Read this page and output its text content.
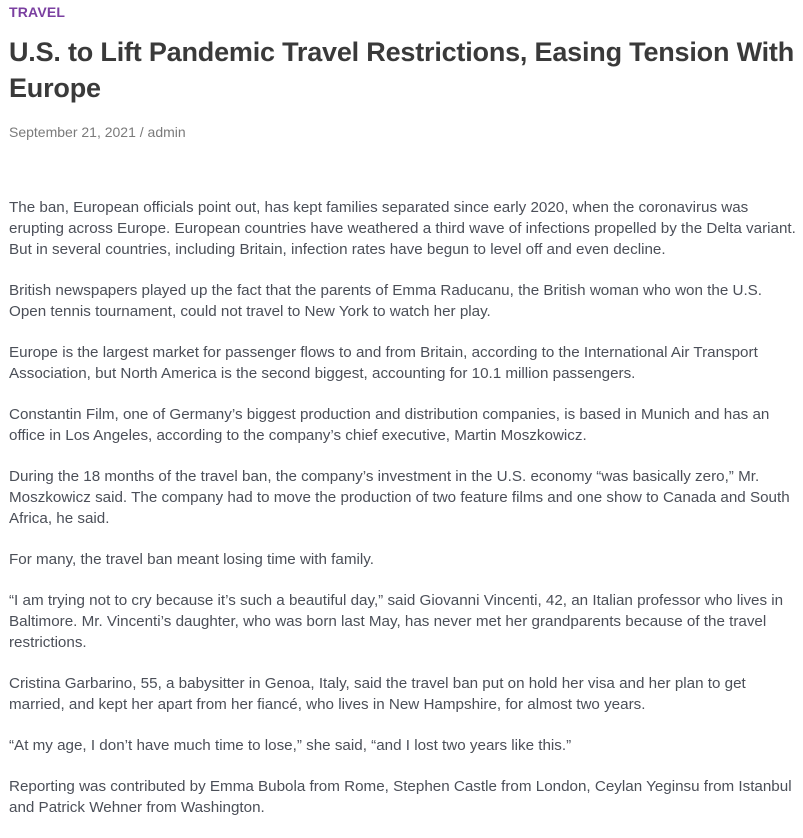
TRAVEL
U.S. to Lift Pandemic Travel Restrictions, Easing Tension With Europe
September 21, 2021 / admin

The ban, European officials point out, has kept families separated since early 2020, when the coronavirus was erupting across Europe. European countries have weathered a third wave of infections propelled by the Delta variant. But in several countries, including Britain, infection rates have begun to level off and even decline.

British newspapers played up the fact that the parents of Emma Raducanu, the British woman who won the U.S. Open tennis tournament, could not travel to New York to watch her play.

Europe is the largest market for passenger flows to and from Britain, according to the International Air Transport Association, but North America is the second biggest, accounting for 10.1 million passengers.

Constantin Film, one of Germany’s biggest production and distribution companies, is based in Munich and has an office in Los Angeles, according to the company’s chief executive, Martin Moszkowicz.

During the 18 months of the travel ban, the company’s investment in the U.S. economy “was basically zero,” Mr. Moszkowicz said. The company had to move the production of two feature films and one show to Canada and South Africa, he said.

For many, the travel ban meant losing time with family.

“I am trying not to cry because it’s such a beautiful day,” said Giovanni Vincenti, 42, an Italian professor who lives in Baltimore. Mr. Vincenti’s daughter, who was born last May, has never met her grandparents because of the travel restrictions.

Cristina Garbarino, 55, a babysitter in Genoa, Italy, said the travel ban put on hold her visa and her plan to get married, and kept her apart from her fiancé, who lives in New Hampshire, for almost two years.

“At my age, I don’t have much time to lose,” she said, “and I lost two years like this.”

Reporting was contributed by Emma Bubola from Rome, Stephen Castle from London, Ceylan Yeginsu from Istanbul and Patrick Wehner from Washington.
